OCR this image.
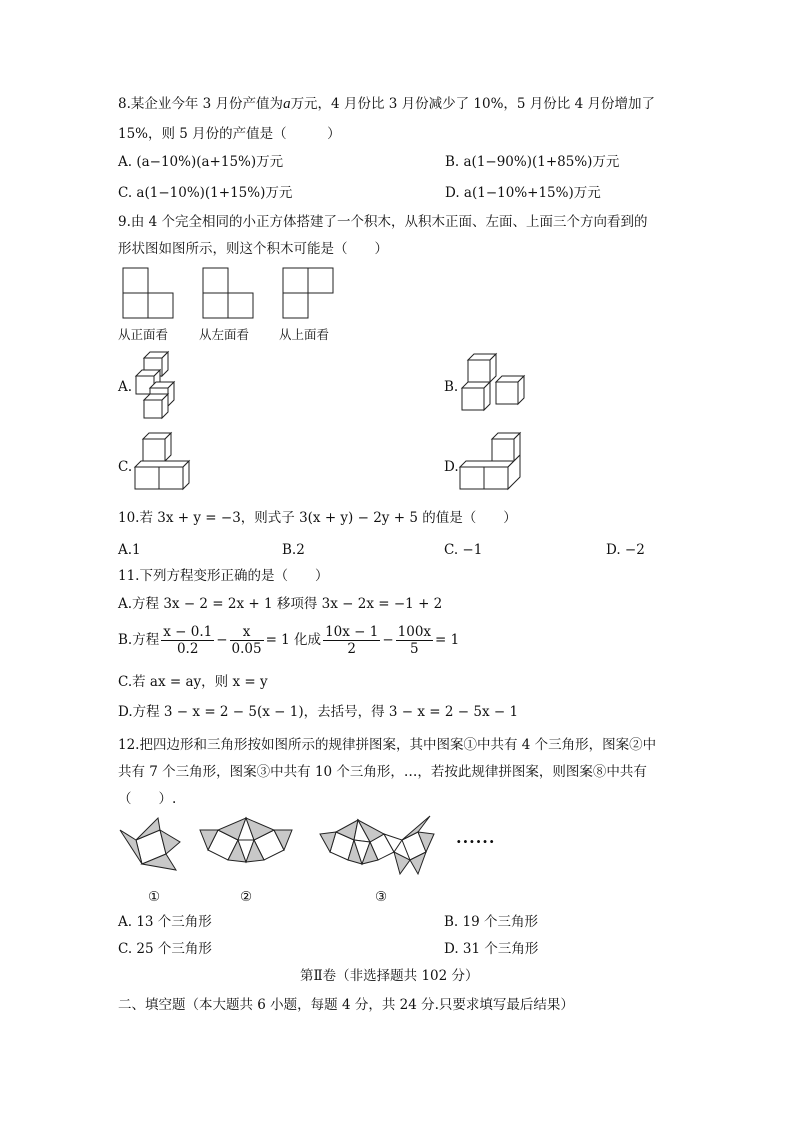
8.某企业今年 3 月份产值为a万元，4 月份比 3 月份减少了 10%，5 月份比 4 月份增加了
15%，则 5 月份的产值是（　　　）
A. (a−10%)(a+15%)万元	B. a(1−90%)(1+85%)万元
C. a(1−10%)(1+15%)万元	D. a(1−10%+15%)万元
9.由 4 个完全相同的小正方体搭建了一个积木，从积木正面、左面、上面三个方向看到的
形状图如图所示，则这个积木可能是（　　）
从正面看 从左面看 从上面看
A.	B.
C.	D.
10.若 3x + y = −3，则式子 3(x + y) − 2y + 5 的值是（　　）
A.1	B.2	C. −1	D. −2
11.下列方程变形正确的是（　　）
A.方程 3x − 2 = 2x + 1 移项得 3x − 2x = −1 + 2
B.方程 $\frac{x - 0.1}{0.2} - \frac{x}{0.05} = 1$ 化成 $\frac{10x - 1}{2} - \frac{100x}{5} = 1$
C.若 ax = ay，则 x = y
D.方程 3 − x = 2 − 5(x − 1)，去括号，得 3 − x = 2 − 5x − 1
12.把四边形和三角形按如图所示的规律拼图案，其中图案①中共有 4 个三角形，图案②中
共有 7 个三角形，图案③中共有 10 个三角形，…，若按此规律拼图案，则图案⑧中共有
（　　）.
······
①	②	③
A. 13 个三角形	B. 19 个三角形
C. 25 个三角形	D. 31 个三角形
第Ⅱ卷（非选择题共 102 分）
二、填空题（本大题共 6 小题，每题 4 分，共 24 分.只要求填写最后结果）
